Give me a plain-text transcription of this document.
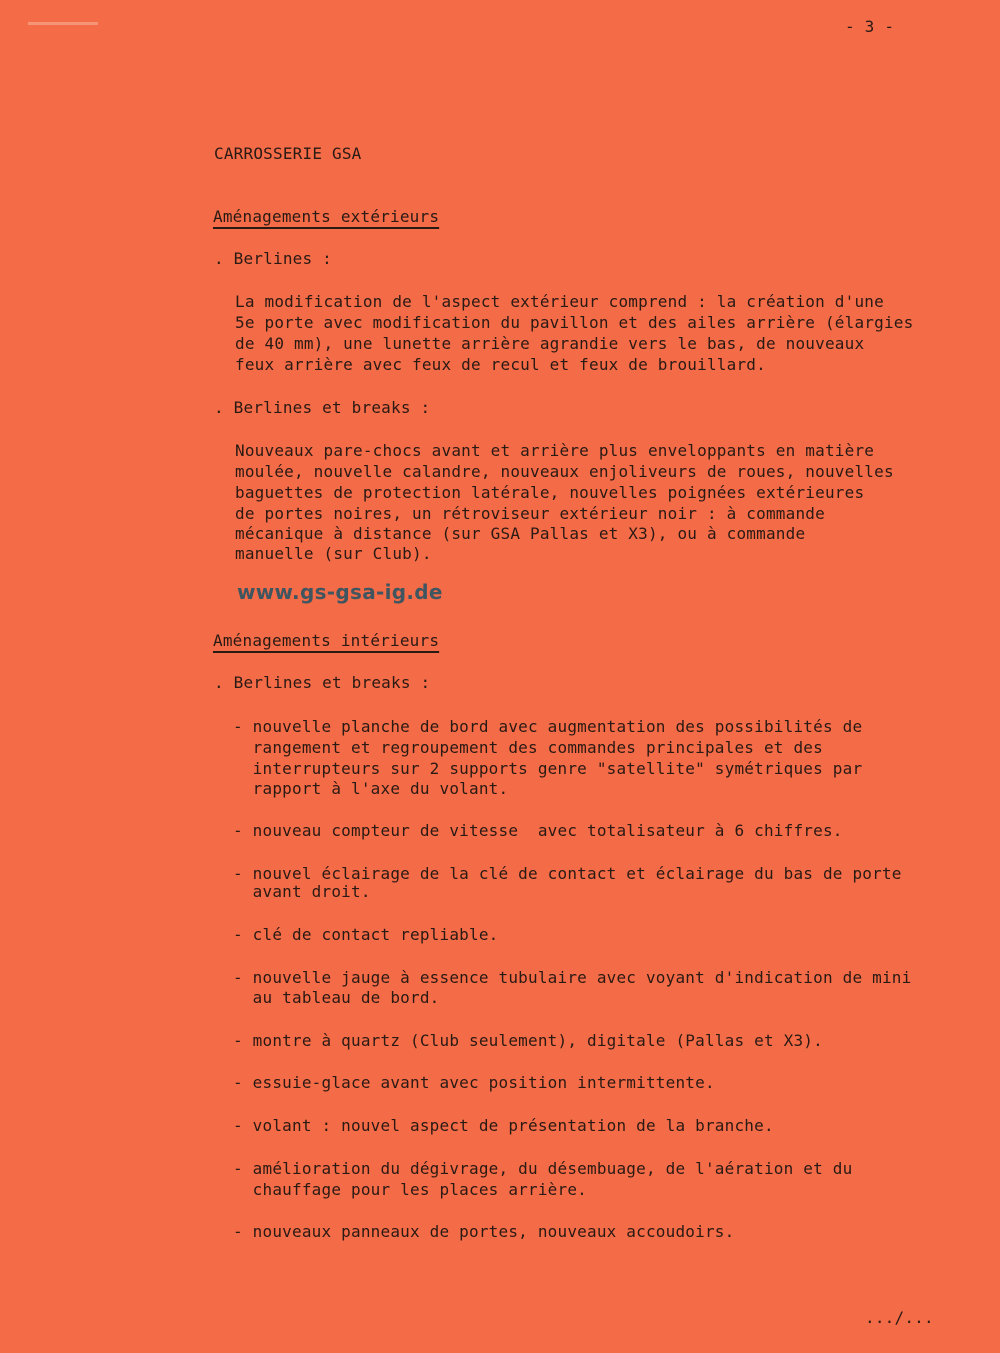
- 3 -
CARROSSERIE GSA
Aménagements extérieurs
. Berlines :
La modification de l'aspect extérieur comprend : la création d'une
5e porte avec modification du pavillon et des ailes arrière (élargies
de 40 mm), une lunette arrière agrandie vers le bas, de nouveaux
feux arrière avec feux de recul et feux de brouillard.
. Berlines et breaks :
Nouveaux pare-chocs avant et arrière plus enveloppants en matière
moulée, nouvelle calandre, nouveaux enjoliveurs de roues, nouvelles
baguettes de protection latérale, nouvelles poignées extérieures
de portes noires, un rétroviseur extérieur noir : à commande
mécanique à distance (sur GSA Pallas et X3), ou à commande
manuelle (sur Club).
www.gs-gsa-ig.de
Aménagements intérieurs
. Berlines et breaks :
- nouvelle planche de bord avec augmentation des possibilités de
rangement et regroupement des commandes principales et des
interrupteurs sur 2 supports genre "satellite" symétriques par
rapport à l'axe du volant.
- nouveau compteur de vitesse  avec totalisateur à 6 chiffres.
- nouvel éclairage de la clé de contact et éclairage du bas de porte
avant droit.
- clé de contact repliable.
- nouvelle jauge à essence tubulaire avec voyant d'indication de mini
au tableau de bord.
- montre à quartz (Club seulement), digitale (Pallas et X3).
- essuie-glace avant avec position intermittente.
- volant : nouvel aspect de présentation de la branche.
- amélioration du dégivrage, du désembuage, de l'aération et du
chauffage pour les places arrière.
- nouveaux panneaux de portes, nouveaux accoudoirs.
.../...
